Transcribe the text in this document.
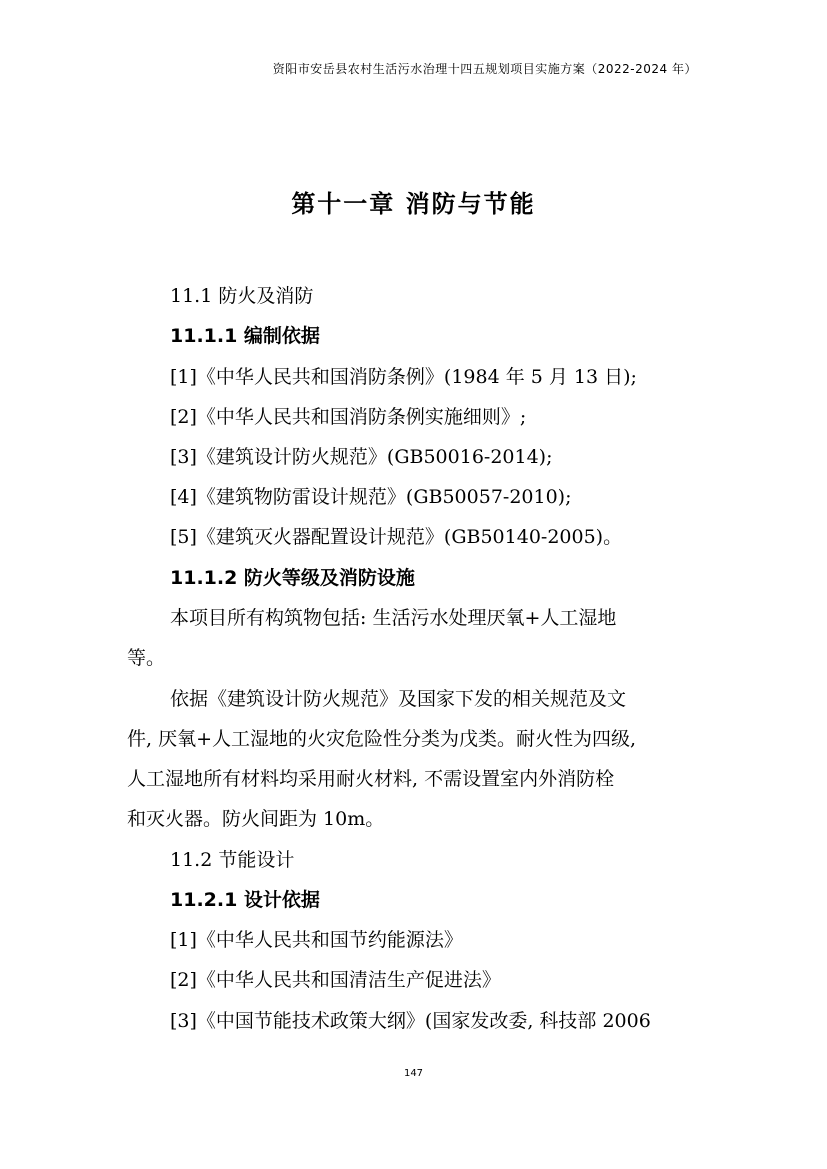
资阳市安岳县农村生活污水治理十四五规划项目实施方案（2022-2024 年）
第十一章 消防与节能
11.1 防火及消防
11.1.1 编制依据
[1]《中华人民共和国消防条例》(1984 年 5 月 13 日);
[2]《中华人民共和国消防条例实施细则》;
[3]《建筑设计防火规范》(GB50016-2014);
[4]《建筑物防雷设计规范》(GB50057-2010);
[5]《建筑灭火器配置设计规范》(GB50140-2005)。
11.1.2 防火等级及消防设施
本项目所有构筑物包括: 生活污水处理厌氧+人工湿地
等。
依据《建筑设计防火规范》及国家下发的相关规范及文
件, 厌氧+人工湿地的火灾危险性分类为戊类。耐火性为四级,
人工湿地所有材料均采用耐火材料, 不需设置室内外消防栓
和灭火器。防火间距为 10m。
11.2 节能设计
11.2.1 设计依据
[1]《中华人民共和国节约能源法》
[2]《中华人民共和国清洁生产促进法》
[3]《中国节能技术政策大纲》(国家发改委, 科技部 2006
147
